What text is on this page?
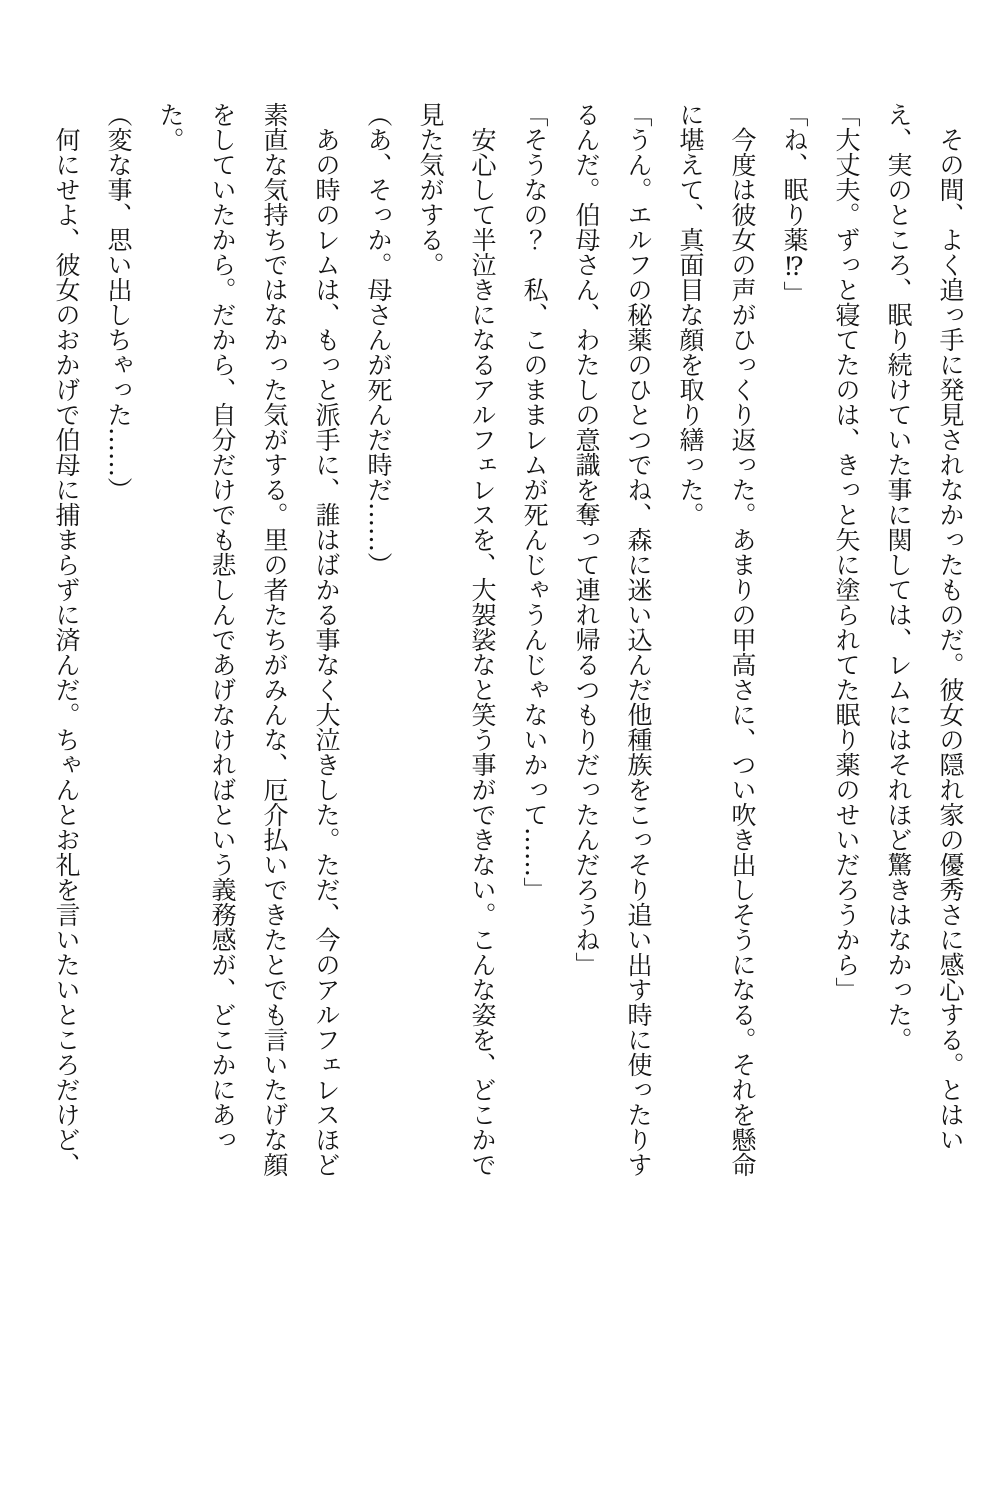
その間、よく追っ手に発見されなかったものだ。彼女の隠れ家の優秀さに感心する。とはい
え、実のところ、眠り続けていた事に関しては、レムにはそれほど驚きはなかった。
「大丈夫。ずっと寝てたのは、きっと矢に塗られてた眠り薬のせいだろうから」
「ね、眠り薬⁉」
今度は彼女の声がひっくり返った。あまりの甲高さに、つい吹き出しそうになる。それを懸命
に堪えて、真面目な顔を取り繕った。
「うん。エルフの秘薬のひとつでね、森に迷い込んだ他種族をこっそり追い出す時に使ったりす
るんだ。伯母さん、わたしの意識を奪って連れ帰るつもりだったんだろうね」
「そうなの？　私、このままレムが死んじゃうんじゃないかって……」
安心して半泣きになるアルフェレスを、大袈裟なと笑う事ができない。こんな姿を、どこかで
見た気がする。
（あ、そっか。母さんが死んだ時だ……）
あの時のレムは、もっと派手に、誰はばかる事なく大泣きした。ただ、今のアルフェレスほど
素直な気持ちではなかった気がする。里の者たちがみんな、厄介払いできたとでも言いたげな顔
をしていたから。だから、自分だけでも悲しんであげなければという義務感が、どこかにあっ
た。
（変な事、思い出しちゃった……）
何にせよ、彼女のおかげで伯母に捕まらずに済んだ。ちゃんとお礼を言いたいところだけど、
